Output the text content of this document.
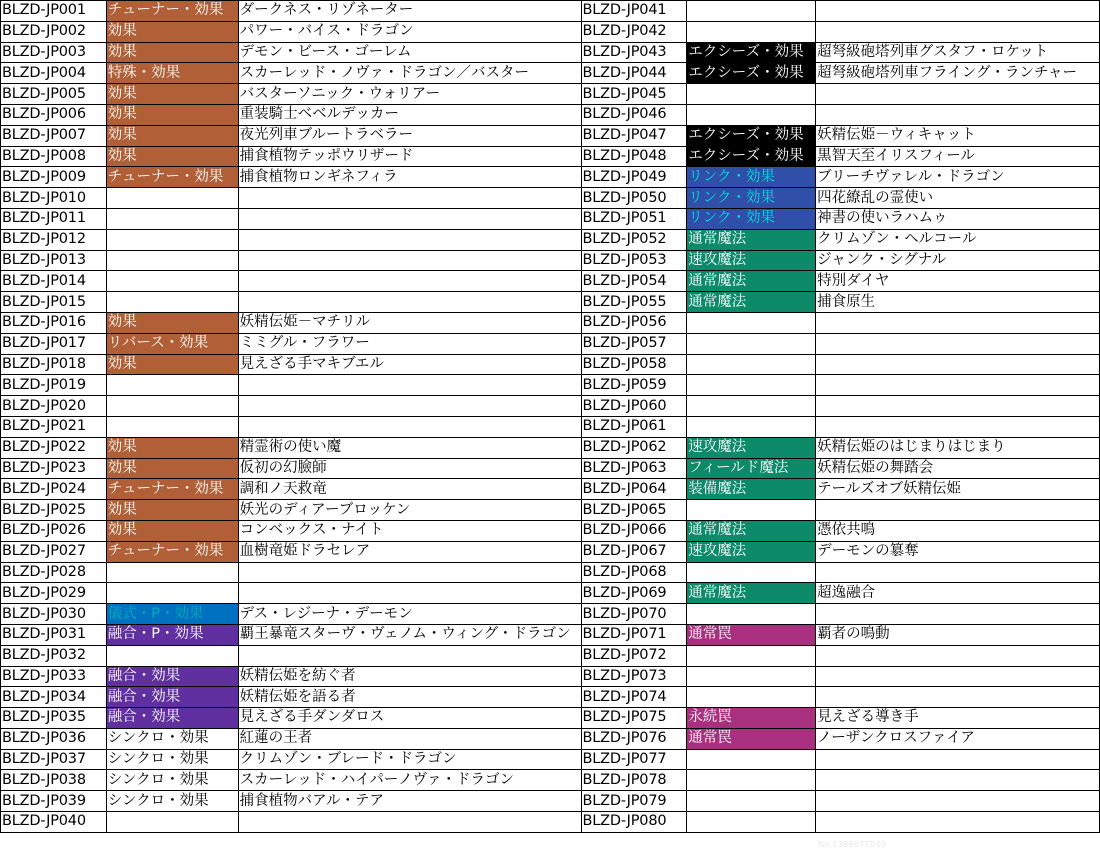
BLZD-JP001	チューナー・効果	ダークネス・リゾネーター	BLZD-JP041		
BLZD-JP002	効果	パワー・バイス・ドラゴン	BLZD-JP042		
BLZD-JP003	効果	デモン・ビース・ゴーレム	BLZD-JP043	エクシーズ・効果	超弩級砲塔列車グスタフ・ロケット
BLZD-JP004	特殊・効果	スカーレッド・ノヴァ・ドラゴン／バスター	BLZD-JP044	エクシーズ・効果	超弩級砲塔列車フライング・ランチャー
BLZD-JP005	効果	バスターソニック・ウォリアー	BLZD-JP045		
BLZD-JP006	効果	重装騎士ベベルデッカー	BLZD-JP046		
BLZD-JP007	効果	夜光列車ブルートラベラー	BLZD-JP047	エクシーズ・効果	妖精伝姫－ウィキャット
BLZD-JP008	効果	捕食植物テッポウリザード	BLZD-JP048	エクシーズ・効果	黒智天至イリスフィール
BLZD-JP009	チューナー・効果	捕食植物ロンギネフィラ	BLZD-JP049	リンク・効果	ブリーチヴァレル・ドラゴン
BLZD-JP010			BLZD-JP050	リンク・効果	四花繚乱の霊使い
BLZD-JP011			BLZD-JP051	リンク・効果	神書の使いラハムゥ
BLZD-JP012			BLZD-JP052	通常魔法	クリムゾン・ヘルコール
BLZD-JP013			BLZD-JP053	速攻魔法	ジャンク・シグナル
BLZD-JP014			BLZD-JP054	通常魔法	特別ダイヤ
BLZD-JP015			BLZD-JP055	通常魔法	捕食原生
BLZD-JP016	効果	妖精伝姫－マチリル	BLZD-JP056		
BLZD-JP017	リバース・効果	ミミグル・フラワー	BLZD-JP057		
BLZD-JP018	効果	見えざる手マキブエル	BLZD-JP058		
BLZD-JP019			BLZD-JP059		
BLZD-JP020			BLZD-JP060		
BLZD-JP021			BLZD-JP061		
BLZD-JP022	効果	精霊術の使い魔	BLZD-JP062	速攻魔法	妖精伝姫のはじまりはじまり
BLZD-JP023	効果	仮初の幻臉師	BLZD-JP063	フィールド魔法	妖精伝姫の舞踏会
BLZD-JP024	チューナー・効果	調和ノ天救竜	BLZD-JP064	装備魔法	テールズオブ妖精伝姫
BLZD-JP025	効果	妖光のディアーブロッケン	BLZD-JP065		
BLZD-JP026	効果	コンベックス・ナイト	BLZD-JP066	通常魔法	憑依共鳴
BLZD-JP027	チューナー・効果	血樹竜姫ドラセレア	BLZD-JP067	速攻魔法	デーモンの簒奪
BLZD-JP028			BLZD-JP068		
BLZD-JP029			BLZD-JP069	通常魔法	超逸融合
BLZD-JP030	儀式・P・効果	デス・レジーナ・デーモン	BLZD-JP070		
BLZD-JP031	融合・P・効果	覇王暴竜スターヴ・ヴェノム・ウィング・ドラゴン	BLZD-JP071	通常罠	覇者の鳴動
BLZD-JP032			BLZD-JP072		
BLZD-JP033	融合・効果	妖精伝姫を紡ぐ者	BLZD-JP073		
BLZD-JP034	融合・効果	妖精伝姫を語る者	BLZD-JP074		
BLZD-JP035	融合・効果	見えざる手ダンダロス	BLZD-JP075	永続罠	見えざる導き手
BLZD-JP036	シンクロ・効果	紅蓮の王者	BLZD-JP076	通常罠	ノーザンクロスファイア
BLZD-JP037	シンクロ・効果	クリムゾン・ブレード・ドラゴン	BLZD-JP077		
BLZD-JP038	シンクロ・効果	スカーレッド・ハイパーノヴァ・ドラゴン	BLZD-JP078		
BLZD-JP039	シンクロ・効果	捕食植物バアル・テア	BLZD-JP079		
BLZD-JP040			BLZD-JP080		
No.1388677049
